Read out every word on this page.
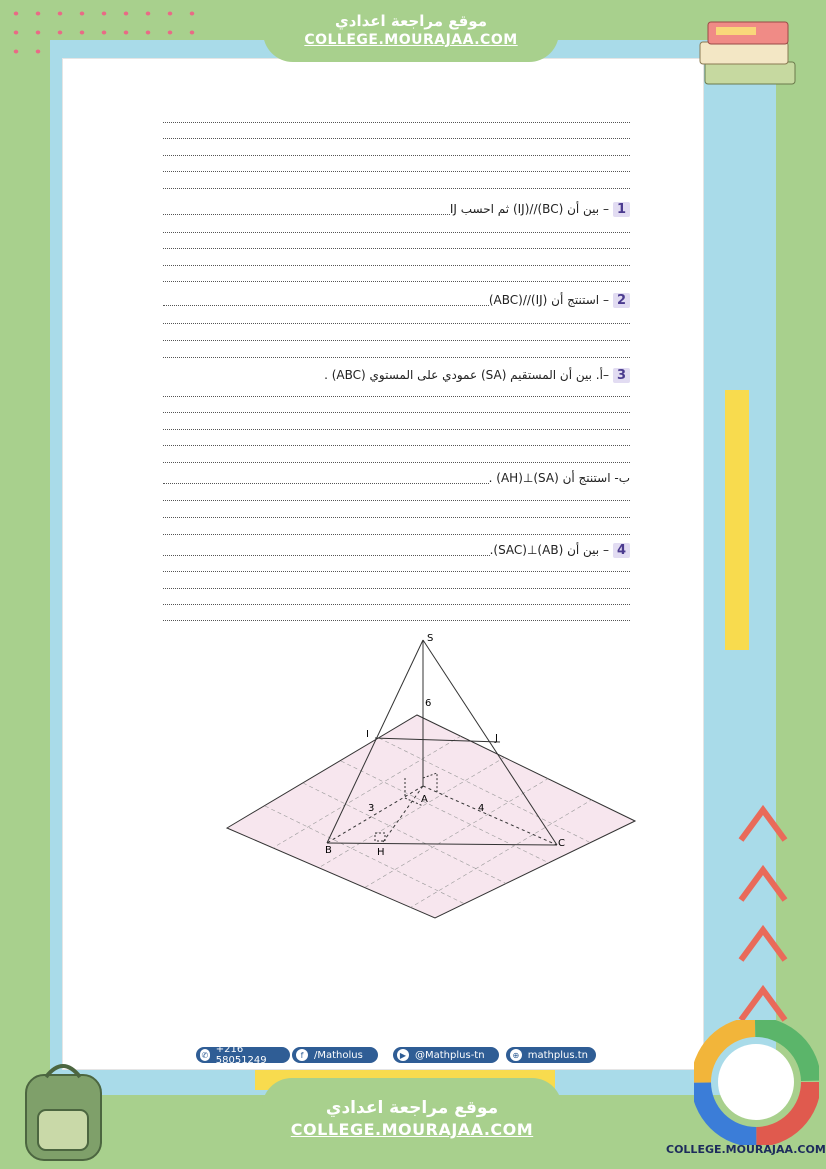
موقع مراجعة اعدادي
COLLEGE.MOURAJAA.COM
1
– بين أن (BC)//(IJ) ثم احسب IJ
2
– استنتج أن (IJ)//(ABC)
3
–أ. بين أن المستقيم (SA) عمودي على المستوي (ABC) .
ب- استنتج أن (SA)⊥(AH) .
4
– بين أن (AB)⊥(SAC).
S
I	J
A
B	H
C
6
3	4
✆ +216 58051249	f	/Matholus	▶ @Mathplus-tn	⊕ mathplus.tn
موقع مراجعة اعدادي
COLLEGE.MOURAJAA.COM
COLLEGE.MOURAJAA.COM
